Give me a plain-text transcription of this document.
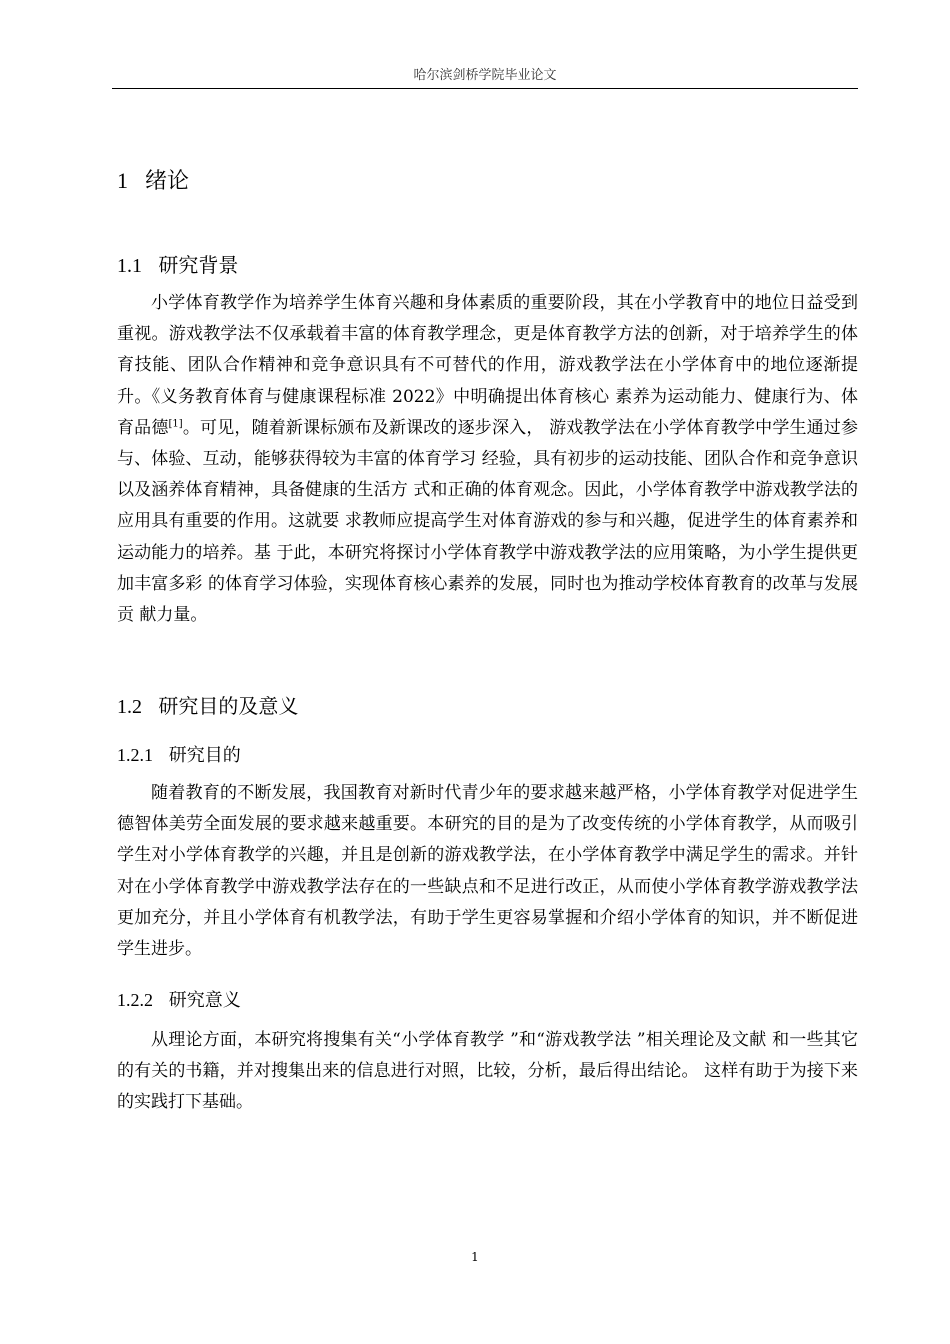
哈尔滨剑桥学院毕业论文
1 绪论
1.1 研究背景

小学体育教学作为培养学生体育兴趣和身体素质的重要阶段，其在小学教育中的地位日益受到重视。游戏教学法不仅承载着丰富的体育教学理念，更是体育教学方法的创新，对于培养学生的体育技能、团队合作精神和竞争意识具有不可替代的作用，游戏教学法在小学体育中的地位逐渐提升。《义务教育体育与健康课程标准 2022》中明确提出体育核心 素养为运动能力、健康行为、体育品德[1]。可见，随着新课标颁布及新课改的逐步深入， 游戏教学法在小学体育教学中学生通过参与、体验、互动，能够获得较为丰富的体育学习 经验，具有初步的运动技能、团队合作和竞争意识以及涵养体育精神，具备健康的生活方 式和正确的体育观念。因此，小学体育教学中游戏教学法的应用具有重要的作用。这就要 求教师应提高学生对体育游戏的参与和兴趣，促进学生的体育素养和运动能力的培养。基 于此，本研究将探讨小学体育教学中游戏教学法的应用策略，为小学生提供更加丰富多彩 的体育学习体验，实现体育核心素养的发展，同时也为推动学校体育教育的改革与发展贡 献力量。

1.2 研究目的及意义
1.2.1 研究目的

随着教育的不断发展，我国教育对新时代青少年的要求越来越严格，小学体育教学对促进学生德智体美劳全面发展的要求越来越重要。本研究的目的是为了改变传统的小学体育教学，从而吸引学生对小学体育教学的兴趣，并且是创新的游戏教学法，在小学体育教学中满足学生的需求。并针对在小学体育教学中游戏教学法存在的一些缺点和不足进行改正，从而使小学体育教学游戏教学法更加充分，并且小学体育有机教学法，有助于学生更容易掌握和介绍小学体育的知识，并不断促进学生进步。

1.2.2 研究意义

从理论方面，本研究将搜集有关“小学体育教学 ”和“游戏教学法 ”相关理论及文献 和一些其它的有关的书籍，并对搜集出来的信息进行对照，比较，分析，最后得出结论。 这样有助于为接下来的实践打下基础。

1
